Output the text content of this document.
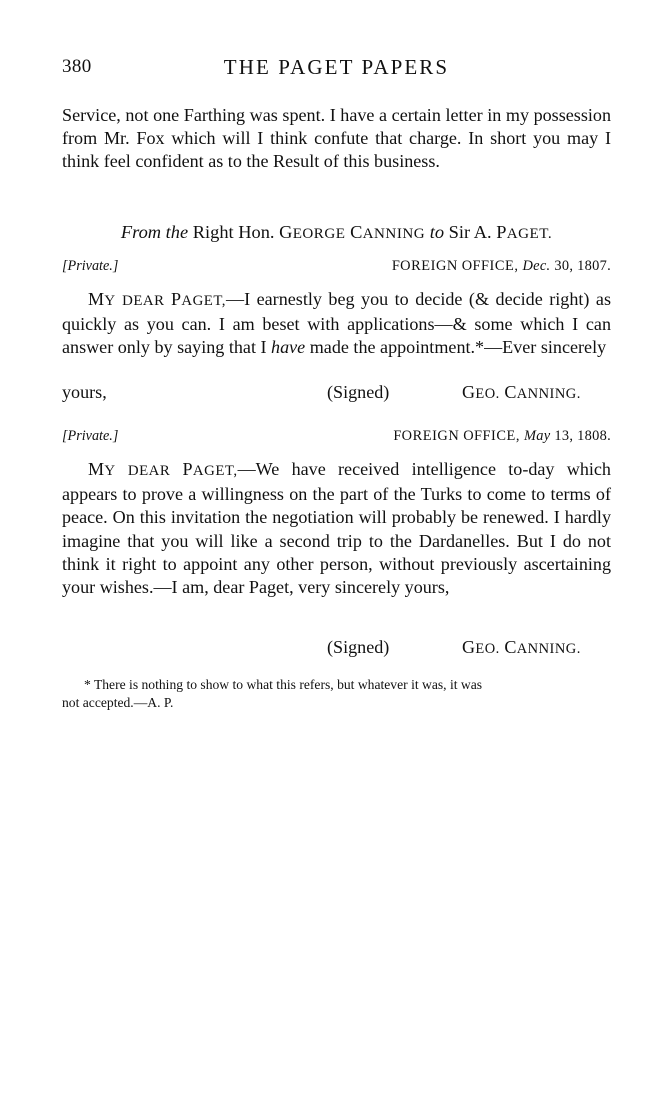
380	THE PAGET PAPERS

Service, not one Farthing was spent. I have a certain letter in my possession from Mr. Fox which will I think confute that charge. In short you may I think feel confident as to the Result of this business.

From the Right Hon. GEORGE CANNING to Sir A. PAGET.
[Private.]	FOREIGN OFFICE, Dec. 30, 1807.

MY DEAR PAGET,—I earnestly beg you to decide (& decide right) as quickly as you can. I am beset with applications—& some which I can answer only by saying that I have made the appointment.*—Ever sincerely

yours,	(Signed)	GEO. CANNING.
[Private.]	FOREIGN OFFICE, May 13, 1808.

MY DEAR PAGET,—We have received intelligence to-day which appears to prove a willingness on the part of the Turks to come to terms of peace. On this invitation the negotiation will probably be renewed. I hardly imagine that you will like a second trip to the Dardanelles. But I do not think it right to appoint any other person, without previously ascertaining your wishes.—I am, dear Paget, very sincerely yours,

(Signed)	GEO. CANNING.

* There is nothing to show to what this refers, but whatever it was, it was

not accepted.—A. P.
